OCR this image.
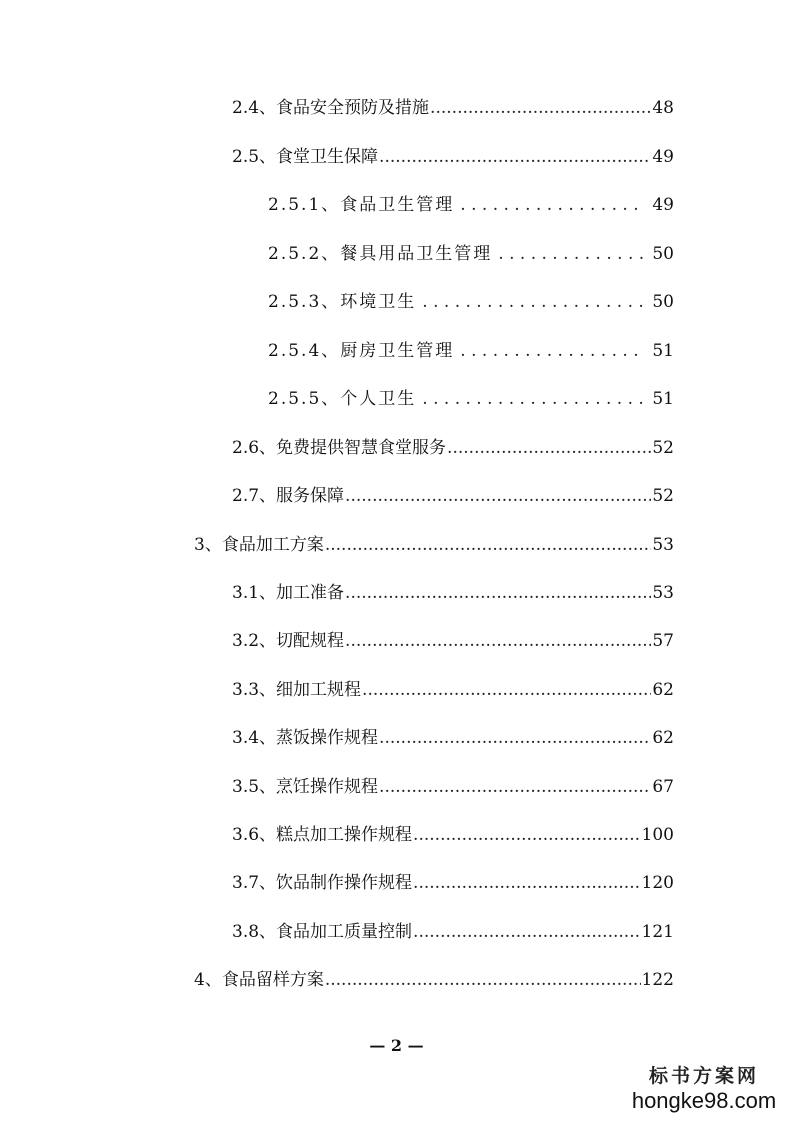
2.4、食品安全预防及措施 .....	48
2.5、食堂卫生保障 .....	49
2.5.1、食品卫生管理 . . .	49
2.5.2、餐具用品卫生管理 . . .	50
2.5.3、环境卫生 . . .	50
2.5.4、厨房卫生管理 . . .	51
2.5.5、个人卫生 . . .	51
2.6、免费提供智慧食堂服务 .....	52
2.7、服务保障 .....	52
3、食品加工方案 .....	53
3.1、加工准备 .....	53
3.2、切配规程 .....	57
3.3、细加工规程 .....	62
3.4、蒸饭操作规程 .....	62
3.5、烹饪操作规程 .....	67
3.6、糕点加工操作规程 .....	100
3.7、饮品制作操作规程 .....	120
3.8、食品加工质量控制 .....	121
4、食品留样方案 .....	122
— 2 —
标书方案网
hongke98.com
